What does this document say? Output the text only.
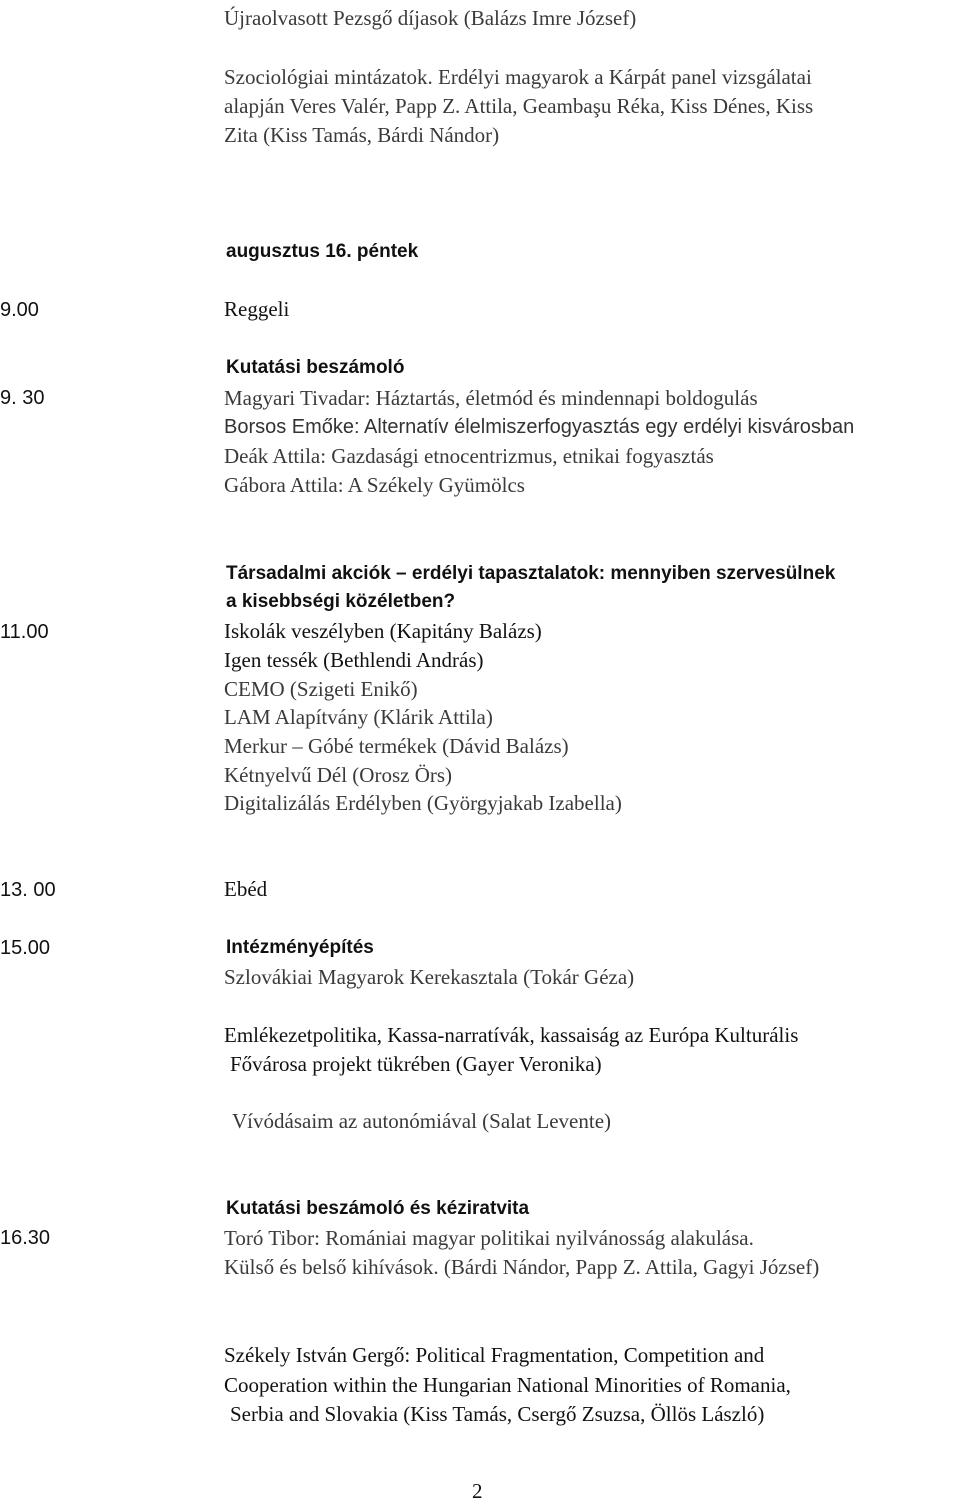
Újraolvasott Pezsgő díjasok (Balázs Imre József)
Szociológiai mintázatok. Erdélyi magyarok a Kárpát panel vizsgálatai
alapján Veres Valér, Papp Z. Attila, Geambaşu Réka, Kiss Dénes, Kiss
Zita (Kiss Tamás, Bárdi Nándor)
augusztus 16. péntek
9.00	Reggeli
Kutatási beszámoló
9. 30	Magyari Tivadar: Háztartás, életmód és mindennapi boldogulás
Borsos Emőke: Alternatív élelmiszerfogyasztás egy erdélyi kisvárosban
Deák Attila: Gazdasági etnocentrizmus, etnikai fogyasztás
Gábora Attila: A Székely Gyümölcs
Társadalmi akciók – erdélyi tapasztalatok: mennyiben szervesülnek
a kisebbségi közéletben?
11.00	Iskolák veszélyben (Kapitány Balázs)
Igen tessék (Bethlendi András)
CEMO (Szigeti Enikő)
LAM Alapítvány (Klárik Attila)
Merkur – Góbé termékek (Dávid Balázs)
Kétnyelvű Dél (Orosz Örs)
Digitalizálás Erdélyben (Györgyjakab Izabella)
13. 00	Ebéd
15.00	Intézményépítés
Szlovákiai Magyarok Kerekasztala (Tokár Géza)
Emlékezetpolitika, Kassa-narratívák, kassaiság az Európa Kulturális
Fővárosa projekt tükrében (Gayer Veronika)
Vívódásaim az autonómiával (Salat Levente)
Kutatási beszámoló és kéziratvita
16.30	Toró Tibor: Romániai magyar politikai nyilvánosság alakulása.
Külső és belső kihívások. (Bárdi Nándor, Papp Z. Attila, Gagyi József)
Székely István Gergő: Political Fragmentation, Competition and
Cooperation within the Hungarian National Minorities of Romania,
Serbia and Slovakia (Kiss Tamás, Csergő Zsuzsa, Öllös László)
2
